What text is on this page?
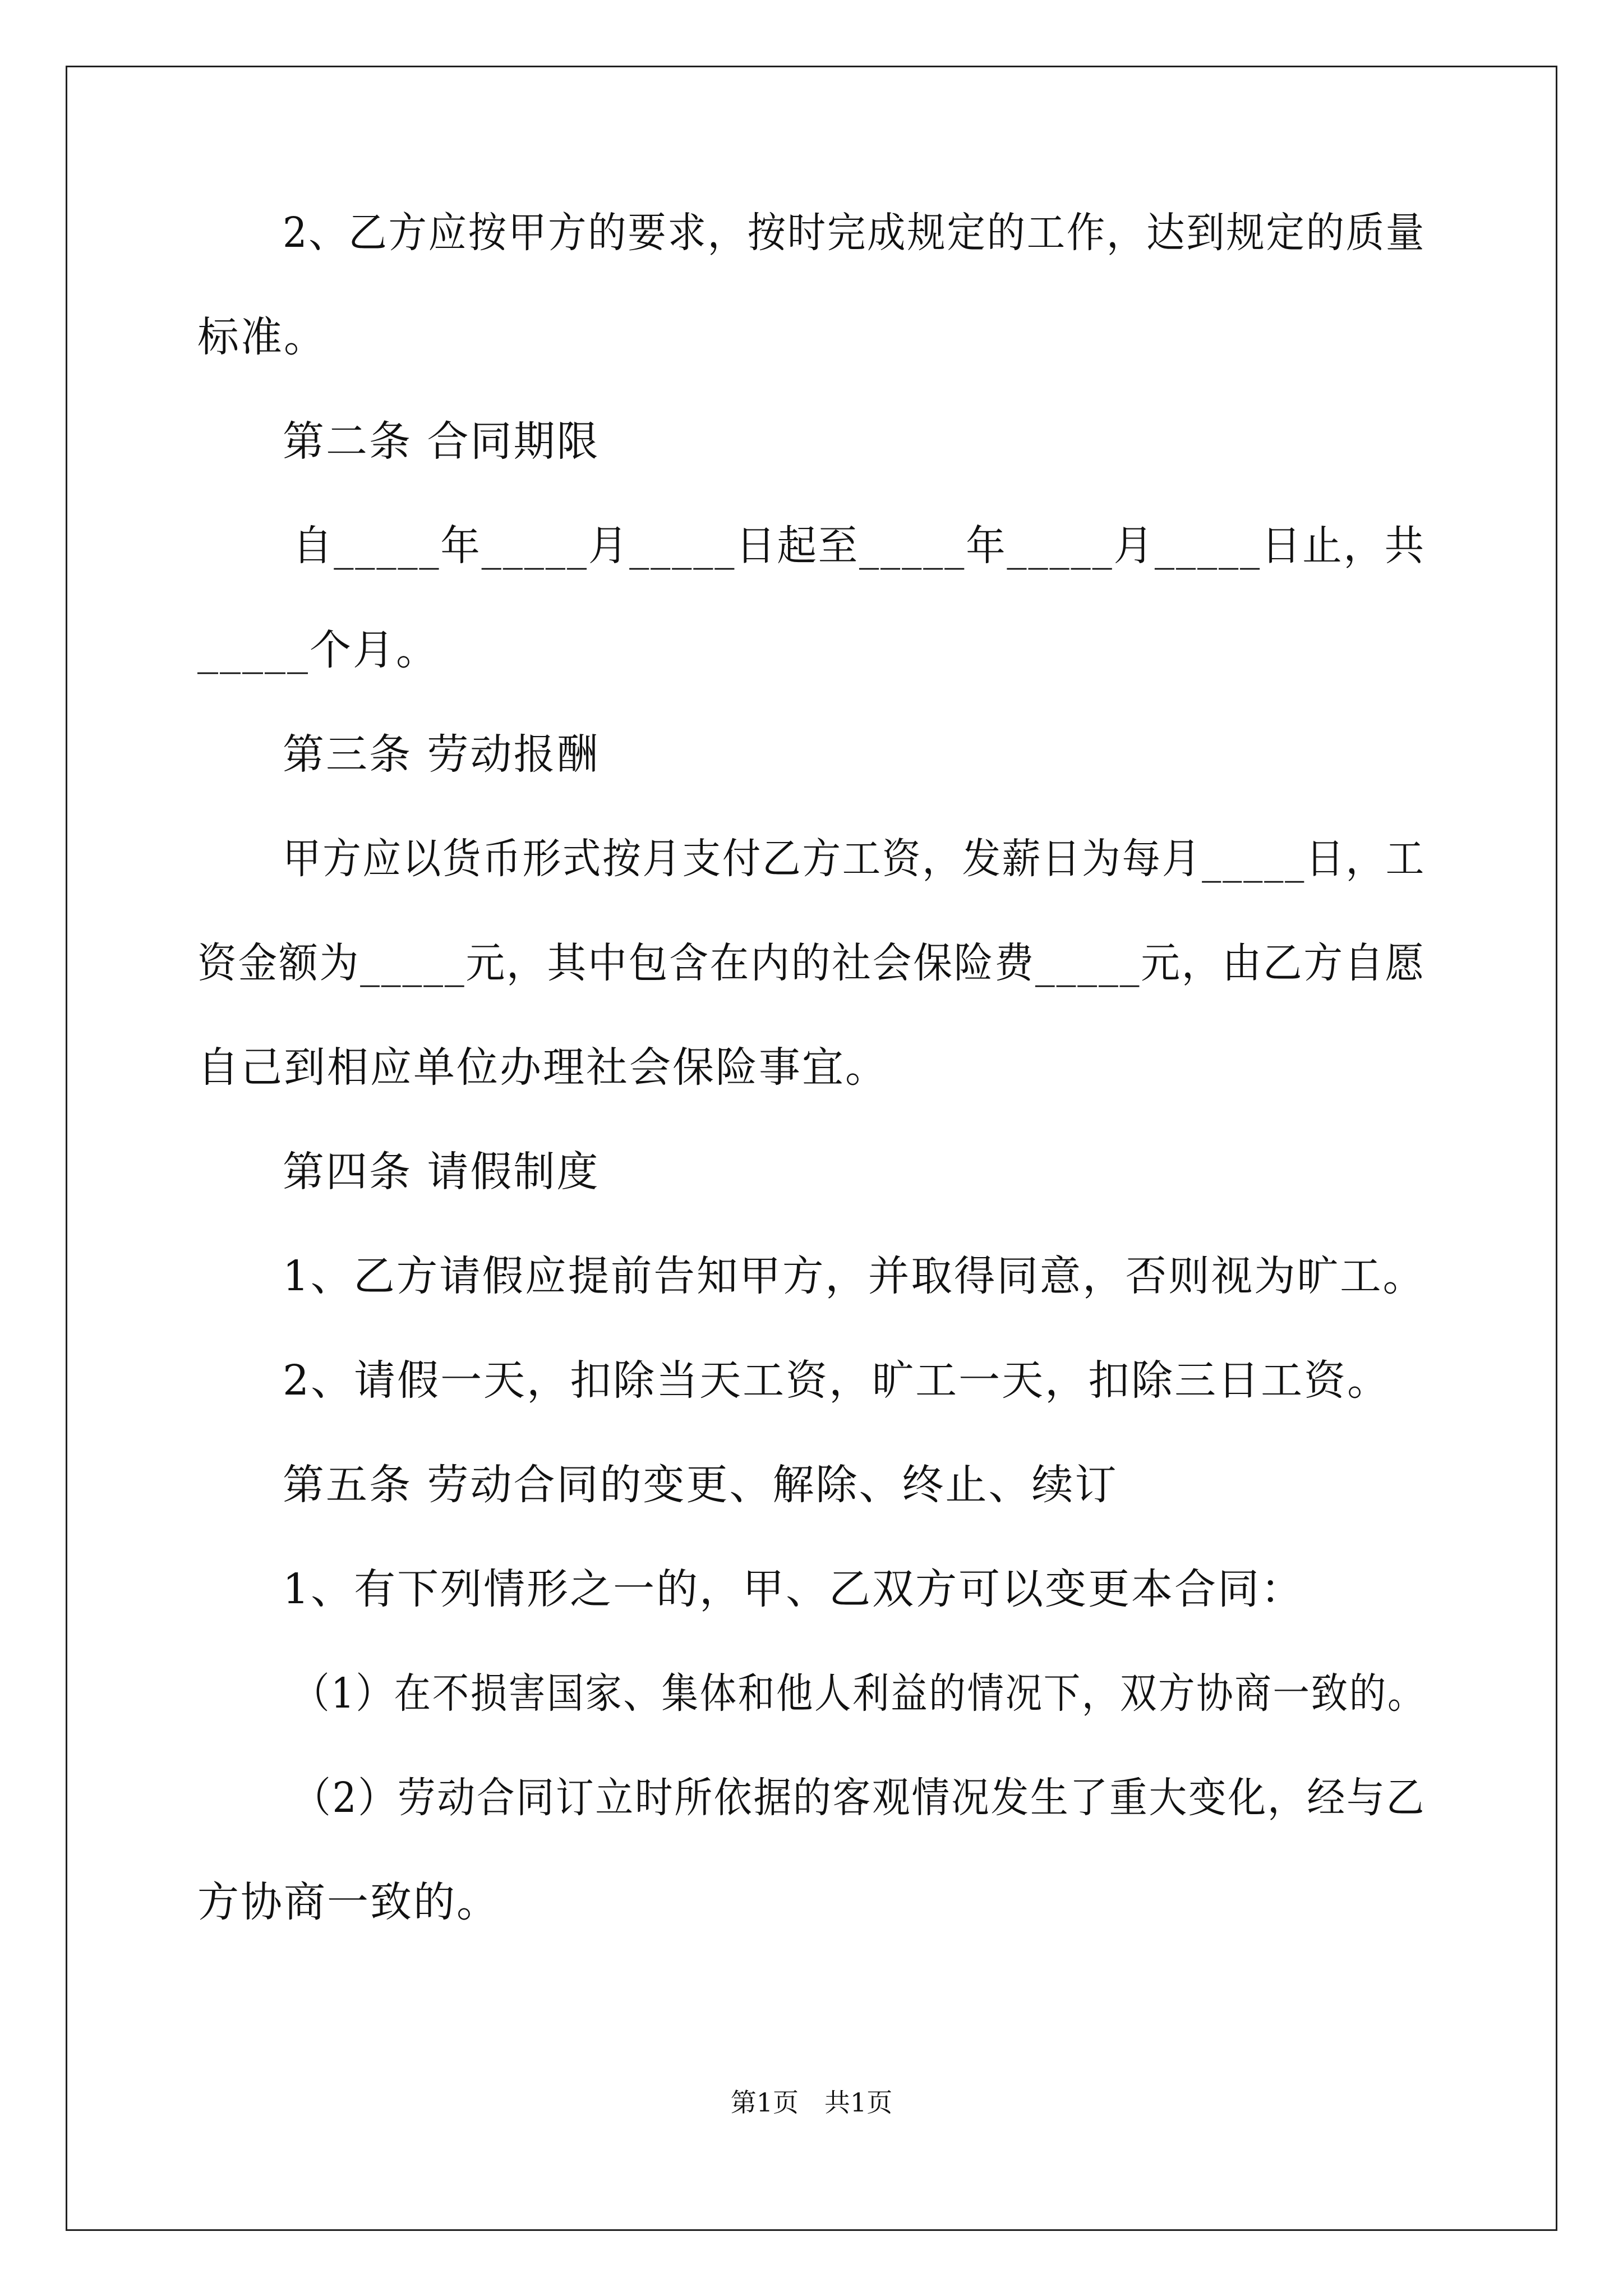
2、乙方应按甲方的要求，按时完成规定的工作，达到规定的质量
标准。
第二条 合同期限
自_____年_____月_____日起至_____年_____月_____日止，共
_____个月。
第三条 劳动报酬
甲方应以货币形式按月支付乙方工资，发薪日为每月_____日，工
资金额为_____元，其中包含在内的社会保险费_____元，由乙方自愿
自己到相应单位办理社会保险事宜。
第四条 请假制度
1、乙方请假应提前告知甲方，并取得同意，否则视为旷工。
2、请假一天，扣除当天工资，旷工一天，扣除三日工资。
第五条 劳动合同的变更、解除、终止、续订
1、有下列情形之一的，甲、乙双方可以变更本合同：
（1）在不损害国家、集体和他人利益的情况下，双方协商一致的。
（2）劳动合同订立时所依据的客观情况发生了重大变化，经与乙
方协商一致的。
第1页　共1页
